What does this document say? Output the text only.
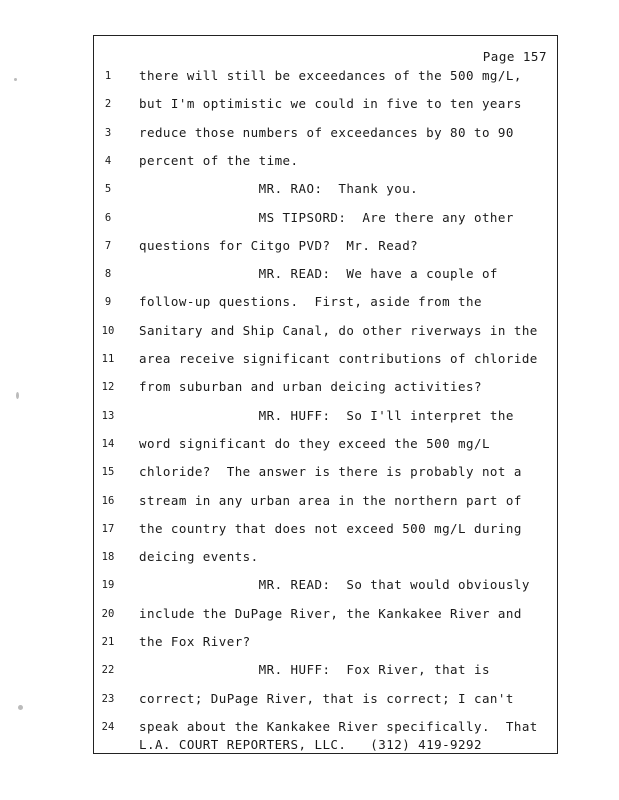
Page 157
1	there will still be exceedances of the 500 mg/L,
2	but I'm optimistic we could in five to ten years
3	reduce those numbers of exceedances by 80 to 90
4	percent of the time.
5	MR. RAO:  Thank you.
6	MS TIPSORD:  Are there any other
7	questions for Citgo PVD?  Mr. Read?
8	MR. READ:  We have a couple of
9	follow-up questions.  First, aside from the
10 Sanitary and Ship Canal, do other riverways in the
11 area receive significant contributions of chloride
12 from suburban and urban deicing activities?
13 MR. HUFF:  So I'll interpret the
14 word significant do they exceed the 500 mg/L
15 chloride?  The answer is there is probably not a
16 stream in any urban area in the northern part of
17 the country that does not exceed 500 mg/L during
18 deicing events.
19 MR. READ:  So that would obviously
20 include the DuPage River, the Kankakee River and
21 the Fox River?
22 MR. HUFF:  Fox River, that is
23 correct; DuPage River, that is correct; I can't
24 speak about the Kankakee River specifically.  That
L.A. COURT REPORTERS, LLC.   (312) 419-9292
